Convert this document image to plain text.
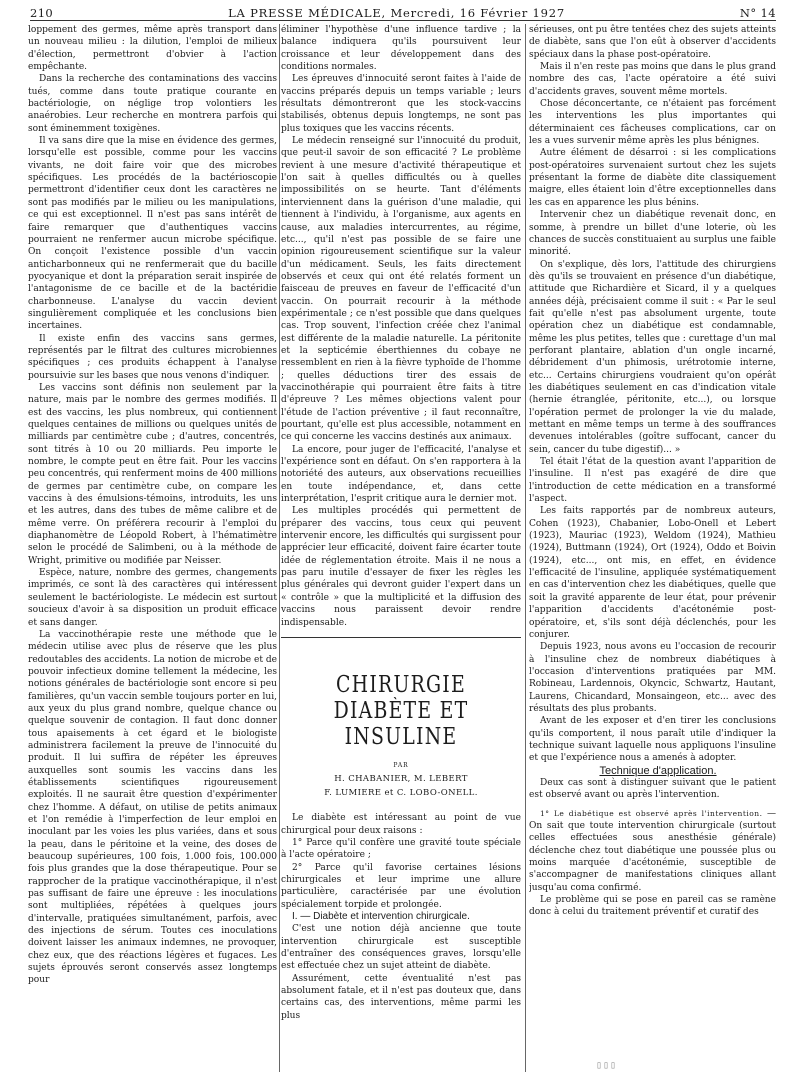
210	LA PRESSE MÉDICALE, Mercredi, 16 Février 1927	N° 14

loppement des germes, même après transport dans un nouveau milieu : la dilution, l'emploi de milieux d'élection, permettront d'obvier à l'action empêchante.

Dans la recherche des contaminations des vaccins tués, comme dans toute pratique courante en bactériologie, on néglige trop volontiers les anaérobies. Leur recherche en montrera parfois qui sont éminemment toxigènes.

Il va sans dire que la mise en évidence des germes, lorsqu'elle est possible, comme pour les vaccins vivants, ne doit faire voir que des microbes spécifiques. Les procédés de la bactérioscopie permettront d'identifier ceux dont les caractères ne sont pas modifiés par le milieu ou les manipulations, ce qui est exceptionnel. Il n'est pas sans intérêt de faire remarquer que d'authentiques vaccins pourraient ne renfermer aucun microbe spécifique. On conçoit l'existence possible d'un vaccin anticharbonneux qui ne renfermerait que du bacille pyocyanique et dont la préparation serait inspirée de l'antagonisme de ce bacille et de la bactéridie charbonneuse. L'analyse du vaccin devient singulièrement compliquée et les conclusions bien incertaines.

Il existe enfin des vaccins sans germes, représentés par le filtrat des cultures microbiennes spécifiques ; ces produits échappent à l'analyse poursuivie sur les bases que nous venons d'indiquer.

Les vaccins sont définis non seulement par la nature, mais par le nombre des germes modifiés. Il est des vaccins, les plus nombreux, qui contiennent quelques centaines de millions ou quelques unités de milliards par centimètre cube ; d'autres, concentrés, sont titrés à 10 ou 20 milliards. Peu importe le nombre, le compte peut en être fait. Pour les vaccins peu concentrés, qui renferment moins de 400 millions de germes par centimètre cube, on compare les vaccins à des émulsions-témoins, introduits, les uns et les autres, dans des tubes de même calibre et de même verre. On préférera recourir à l'emploi du diaphanomètre de Léopold Robert, à l'hématimètre selon le procédé de Salimbeni, ou à la méthode de Wright, primitive ou modifiée par Neisser.

Espèce, nature, nombre des germes, changements imprimés, ce sont là des caractères qui intéressent seulement le bactériologiste. Le médecin est surtout soucieux d'avoir à sa disposition un produit efficace et sans danger.

La vaccinothérapie reste une méthode que le médecin utilise avec plus de réserve que les plus redoutables des accidents. La notion de microbe et de pouvoir infectieux domine tellement la médecine, les notions générales de bactériologie sont encore si peu familières, qu'un vaccin semble toujours porter en lui, aux yeux du plus grand nombre, quelque chance ou quelque souvenir de contagion. Il faut donc donner tous apaisements à cet égard et le biologiste administrera facilement la preuve de l'innocuité du produit. Il lui suffira de répéter les épreuves auxquelles sont soumis les vaccins dans les établissements scientifiques rigoureusement exploités. Il ne saurait être question d'expérimenter chez l'homme. A défaut, on utilise de petits animaux et l'on remédie à l'imperfection de leur emploi en inoculant par les voies les plus variées, dans et sous la peau, dans le péritoine et la veine, des doses de beaucoup supérieures, 100 fois, 1.000 fois, 100.000 fois plus grandes que la dose thérapeutique. Pour se rapprocher de la pratique vaccinothérapique, il n'est pas suffisant de faire une épreuve : les inoculations sont multipliées, répétées à quelques jours d'intervalle, pratiquées simultanément, parfois, avec des injections de sérum. Toutes ces inoculations doivent laisser les animaux indemnes, ne provoquer, chez eux, que des réactions légères et fugaces. Les sujets éprouvés seront conservés assez longtemps pour

éliminer l'hypothèse d'une influence tardive ; la balance indiquera qu'ils poursuivent leur croissance et leur développement dans des conditions normales.

Les épreuves d'innocuité seront faites à l'aide de vaccins préparés depuis un temps variable ; leurs résultats démontreront que les stock-vaccins stabilisés, obtenus depuis longtemps, ne sont pas plus toxiques que les vaccins récents.

Le médecin renseigné sur l'innocuité du produit, que peut-il savoir de son efficacité ? Le problème revient à une mesure d'activité thérapeutique et l'on sait à quelles difficultés ou à quelles impossibilités on se heurte. Tant d'éléments interviennent dans la guérison d'une maladie, qui tiennent à l'individu, à l'organisme, aux agents en cause, aux maladies intercurrentes, au régime, etc..., qu'il n'est pas possible de se faire une opinion rigoureusement scientifique sur la valeur d'un médicament. Seuls, les faits directement observés et ceux qui ont été relatés forment un faisceau de preuves en faveur de l'efficacité d'un vaccin. On pourrait recourir à la méthode expérimentale ; ce n'est possible que dans quelques cas. Trop souvent, l'infection créée chez l'animal est différente de la maladie naturelle. La péritonite et la septicémie éberthiennes du cobaye ne ressemblent en rien à la fièvre typhoïde de l'homme ; quelles déductions tirer des essais de vaccinothérapie qui pourraient être faits à titre d'épreuve ? Les mêmes objections valent pour l'étude de l'action préventive ; il faut reconnaître, pourtant, qu'elle est plus accessible, notamment en ce qui concerne les vaccins destinés aux animaux.

La encore, pour juger de l'efficacité, l'analyse et l'expérience sont en défaut. On s'en rapportera à la notoriété des auteurs, aux observations recueillies en toute indépendance, et, dans cette interprétation, l'esprit critique aura le dernier mot.

Les multiples procédés qui permettent de préparer des vaccins, tous ceux qui peuvent intervenir encore, les difficultés qui surgissent pour apprécier leur efficacité, doivent faire écarter toute idée de réglementation étroite. Mais il ne nous a pas paru inutile d'essayer de fixer les règles les plus générales qui devront guider l'expert dans un « contrôle » que la multiplicité et la diffusion des vaccins nous paraissent devoir rendre indispensable.

CHIRURGIE
DIABÈTE ET INSULINE
PAR
H. CHABANIER, M. LEBERT
F. LUMIERE et C. LOBO-ONELL.

Le diabète est intéressant au point de vue chirurgical pour deux raisons :

1° Parce qu'il confère une gravité toute spéciale à l'acte opératoire ;

2° Parce qu'il favorise certaines lésions chirurgicales et leur imprime une allure particulière, caractérisée par une évolution spécialement torpide et prolongée.

I. — Diabète et intervention chirurgicale.

C'est une notion déjà ancienne que toute intervention chirurgicale est susceptible d'entraîner des conséquences graves, lorsqu'elle est effectuée chez un sujet atteint de diabète.

Assurément, cette éventualité n'est pas absolument fatale, et il n'est pas douteux que, dans certains cas, des interventions, même parmi les plus

sérieuses, ont pu être tentées chez des sujets atteints de diabète, sans que l'on eût à observer d'accidents spéciaux dans la phase post-opératoire.

Mais il n'en reste pas moins que dans le plus grand nombre des cas, l'acte opératoire a été suivi d'accidents graves, souvent même mortels.

Chose déconcertante, ce n'étaient pas forcément les interventions les plus importantes qui déterminaient ces fâcheuses complications, car on les a vues survenir même après les plus bénignes.

Autre élément de désarroi : si les complications post-opératoires survenaient surtout chez les sujets présentant la forme de diabète dite classiquement maigre, elles étaient loin d'être exceptionnelles dans les cas en apparence les plus bénins.

Intervenir chez un diabétique revenait donc, en somme, à prendre un billet d'une loterie, où les chances de succès constituaient au surplus une faible minorité.

On s'explique, dès lors, l'attitude des chirurgiens dès qu'ils se trouvaient en présence d'un diabétique, attitude que Richardière et Sicard, il y a quelques années déjà, précisaient comme il suit : « Par le seul fait qu'elle n'est pas absolument urgente, toute opération chez un diabétique est condamnable, même les plus petites, telles que : curettage d'un mal perforant plantaire, ablation d'un ongle incarné, débridement d'un phimosis, urétrotomie interne, etc... Certains chirurgiens voudraient qu'on opérât les diabétiques seulement en cas d'indication vitale (hernie étranglée, péritonite, etc...), ou lorsque l'opération permet de prolonger la vie du malade, mettant en même temps un terme à des souffrances devenues intolérables (goître suffocant, cancer du sein, cancer du tube digestif)... »

Tel était l'état de la question avant l'apparition de l'insuline. Il n'est pas exagéré de dire que l'introduction de cette médication en a transformé l'aspect.

Les faits rapportés par de nombreux auteurs, Cohen (1923), Chabanier, Lobo-Onell et Lebert (1923), Mauriac (1923), Weldom (1924), Mathieu (1924), Buttmann (1924), Ort (1924), Oddo et Boivin (1924), etc..., ont mis, en effet, en évidence l'efficacité de l'insuline, appliquée systématiquement en cas d'intervention chez les diabétiques, quelle que soit la gravité apparente de leur état, pour prévenir l'apparition d'accidents d'acétonémie post-opératoire, et, s'ils sont déjà déclenchés, pour les conjurer.

Depuis 1923, nous avons eu l'occasion de recourir à l'insuline chez de nombreux diabétiques à l'occasion d'interventions pratiquées par MM. Robineau, Lardennois, Okyncic, Schwartz, Hautant, Laurens, Chicandard, Monsaingeon, etc... avec des résultats des plus probants.

Avant de les exposer et d'en tirer les conclusions qu'ils comportent, il nous paraît utile d'indiquer la technique suivant laquelle nous appliquons l'insuline et que l'expérience nous a amenés à adopter.

Technique d'application.

Deux cas sont à distinguer suivant que le patient est observé avant ou après l'intervention.

1° Le diabétique est observé après l'intervention. — On sait que toute intervention chirurgicale (surtout celles effectuées sous anesthésie générale) déclenche chez tout diabétique une poussée plus ou moins marquée d'acétonémie, susceptible de s'accompagner de manifestations cliniques allant jusqu'au coma confirmé.

Le problème qui se pose en pareil cas se ramène donc à celui du traitement préventif et curatif des

▯▯▯
